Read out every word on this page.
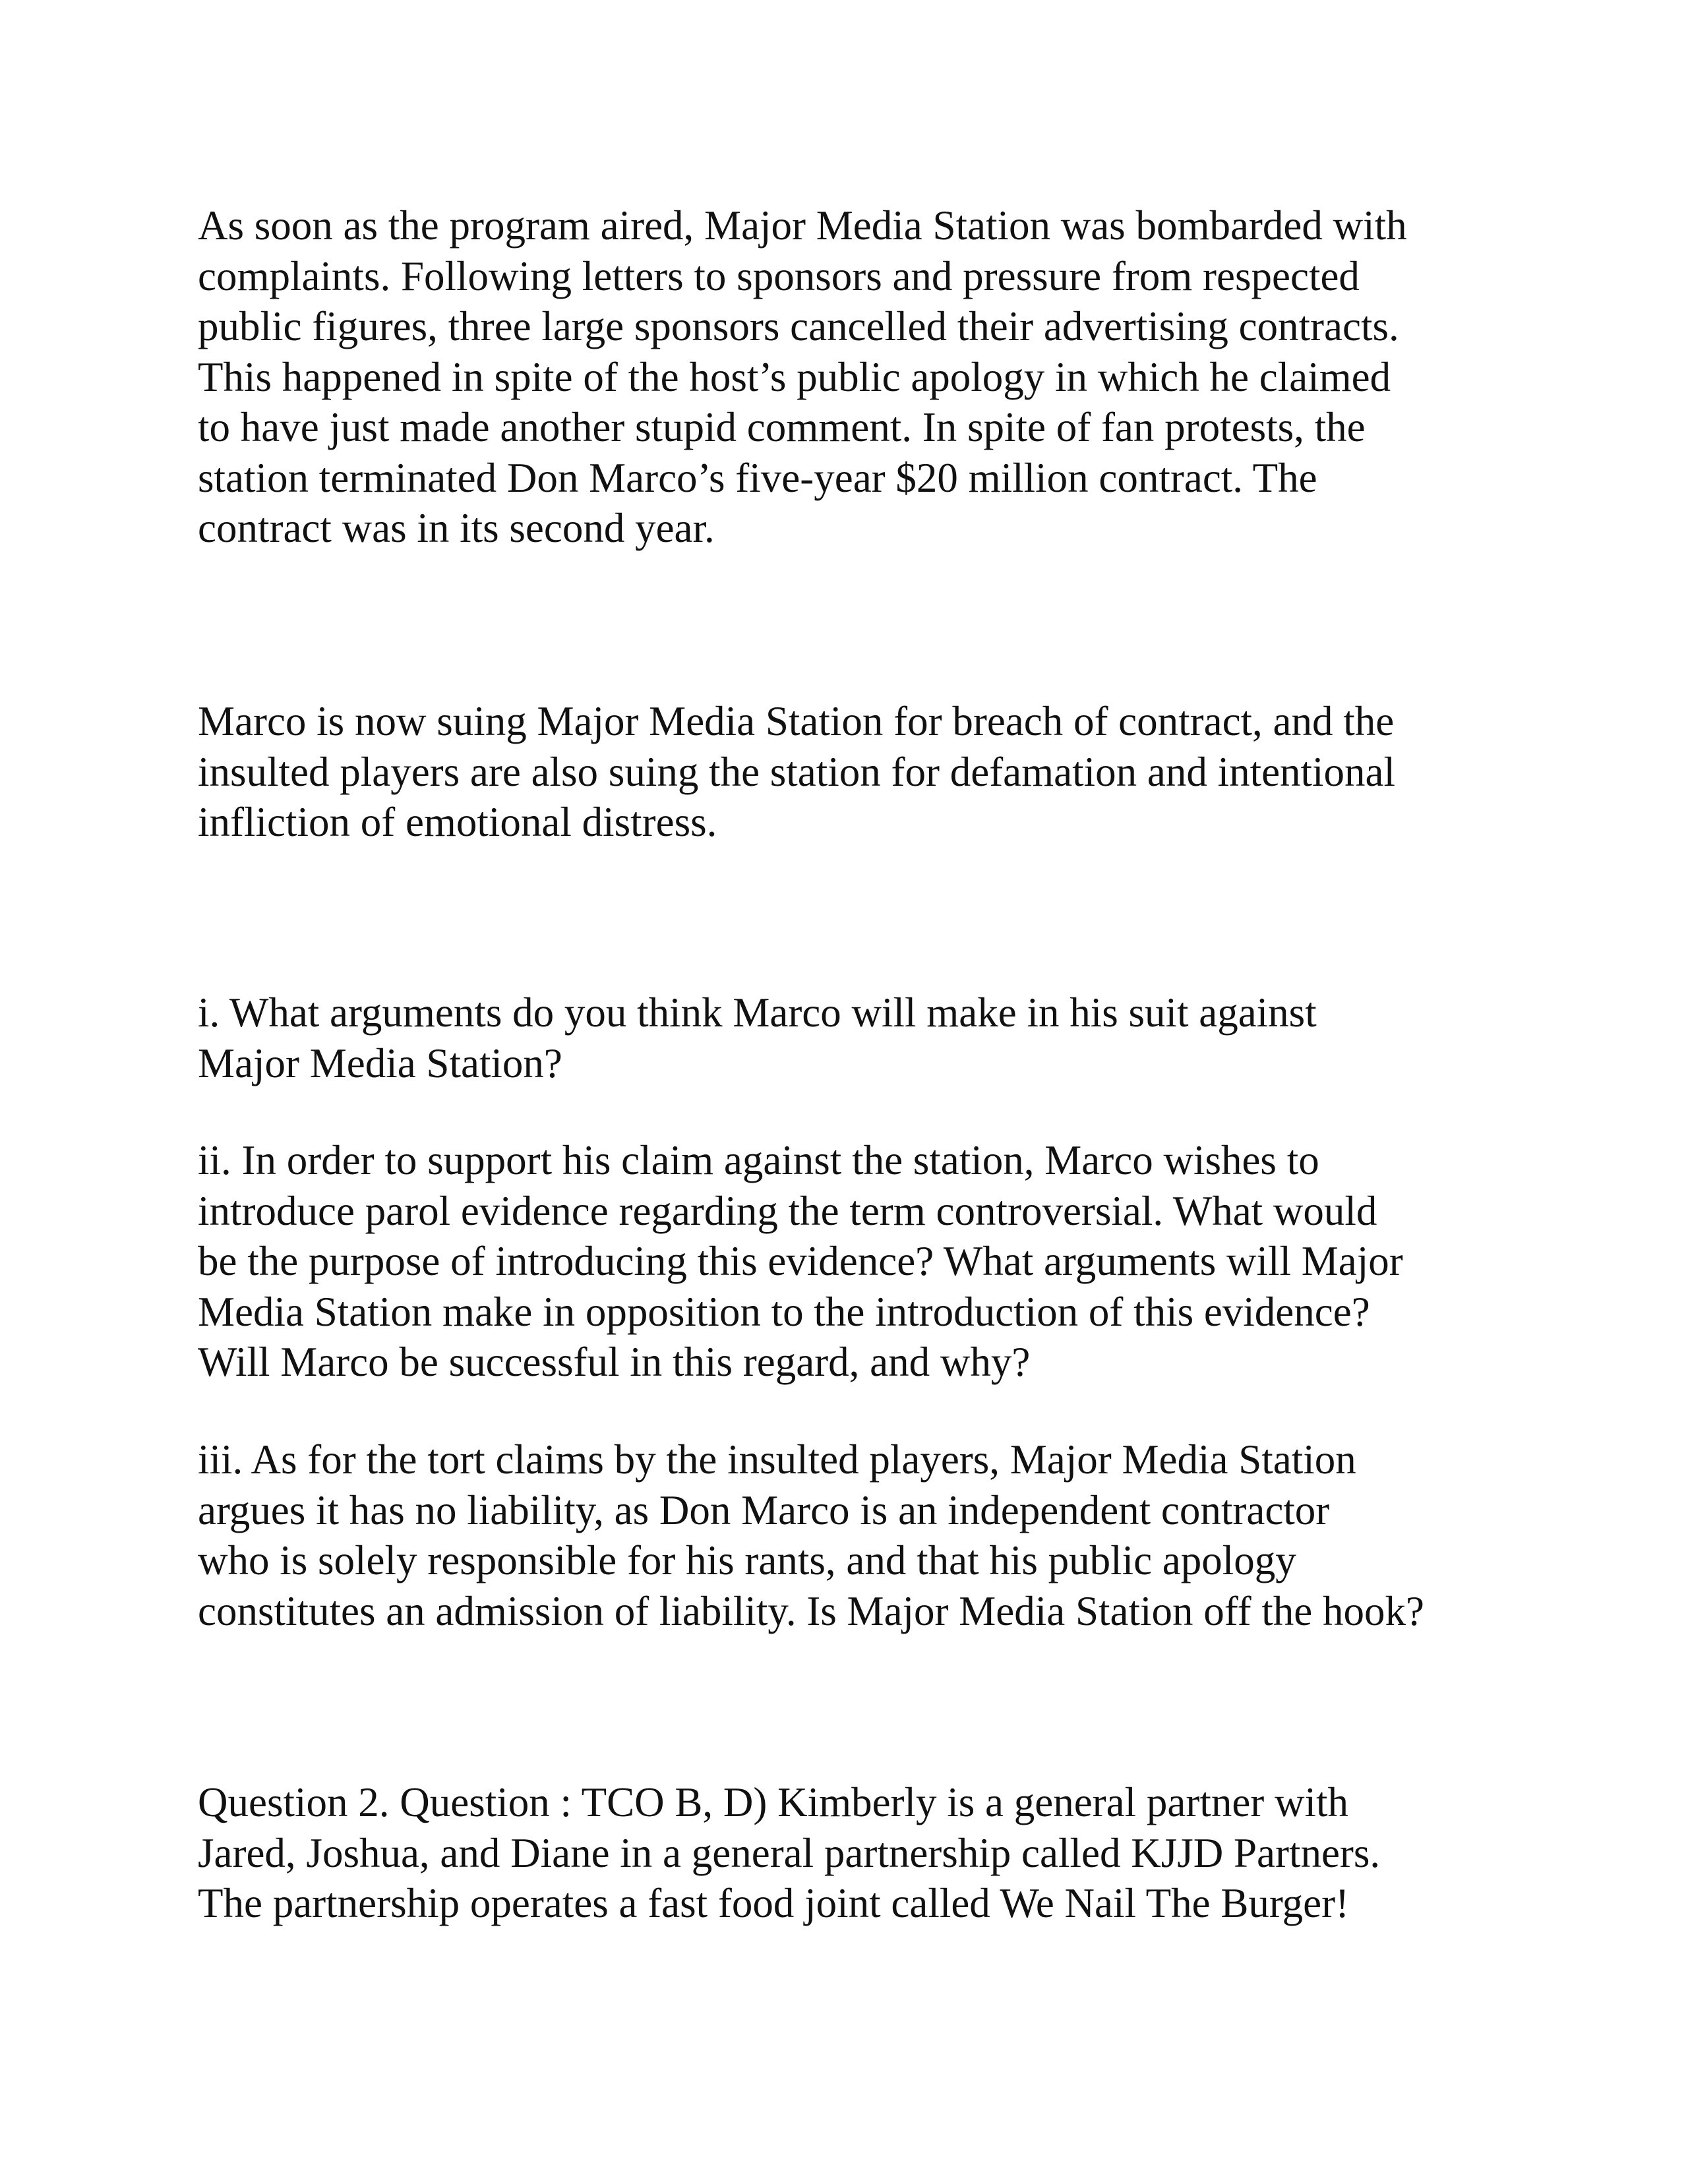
As soon as the program aired, Major Media Station was bombarded with
complaints. Following letters to sponsors and pressure from respected
public figures, three large sponsors cancelled their advertising contracts.
This happened in spite of the host’s public apology in which he claimed
to have just made another stupid comment. In spite of fan protests, the
station terminated Don Marco’s five-year $20 million contract. The
contract was in its second year.

Marco is now suing Major Media Station for breach of contract, and the
insulted players are also suing the station for defamation and intentional
infliction of emotional distress.

i. What arguments do you think Marco will make in his suit against
Major Media Station?

ii. In order to support his claim against the station, Marco wishes to
introduce parol evidence regarding the term controversial. What would
be the purpose of introducing this evidence? What arguments will Major
Media Station make in opposition to the introduction of this evidence?
Will Marco be successful in this regard, and why?

iii. As for the tort claims by the insulted players, Major Media Station
argues it has no liability, as Don Marco is an independent contractor
who is solely responsible for his rants, and that his public apology
constitutes an admission of liability. Is Major Media Station off the hook?

Question 2. Question : TCO B, D) Kimberly is a general partner with
Jared, Joshua, and Diane in a general partnership called KJJD Partners.
The partnership operates a fast food joint called We Nail The Burger!
